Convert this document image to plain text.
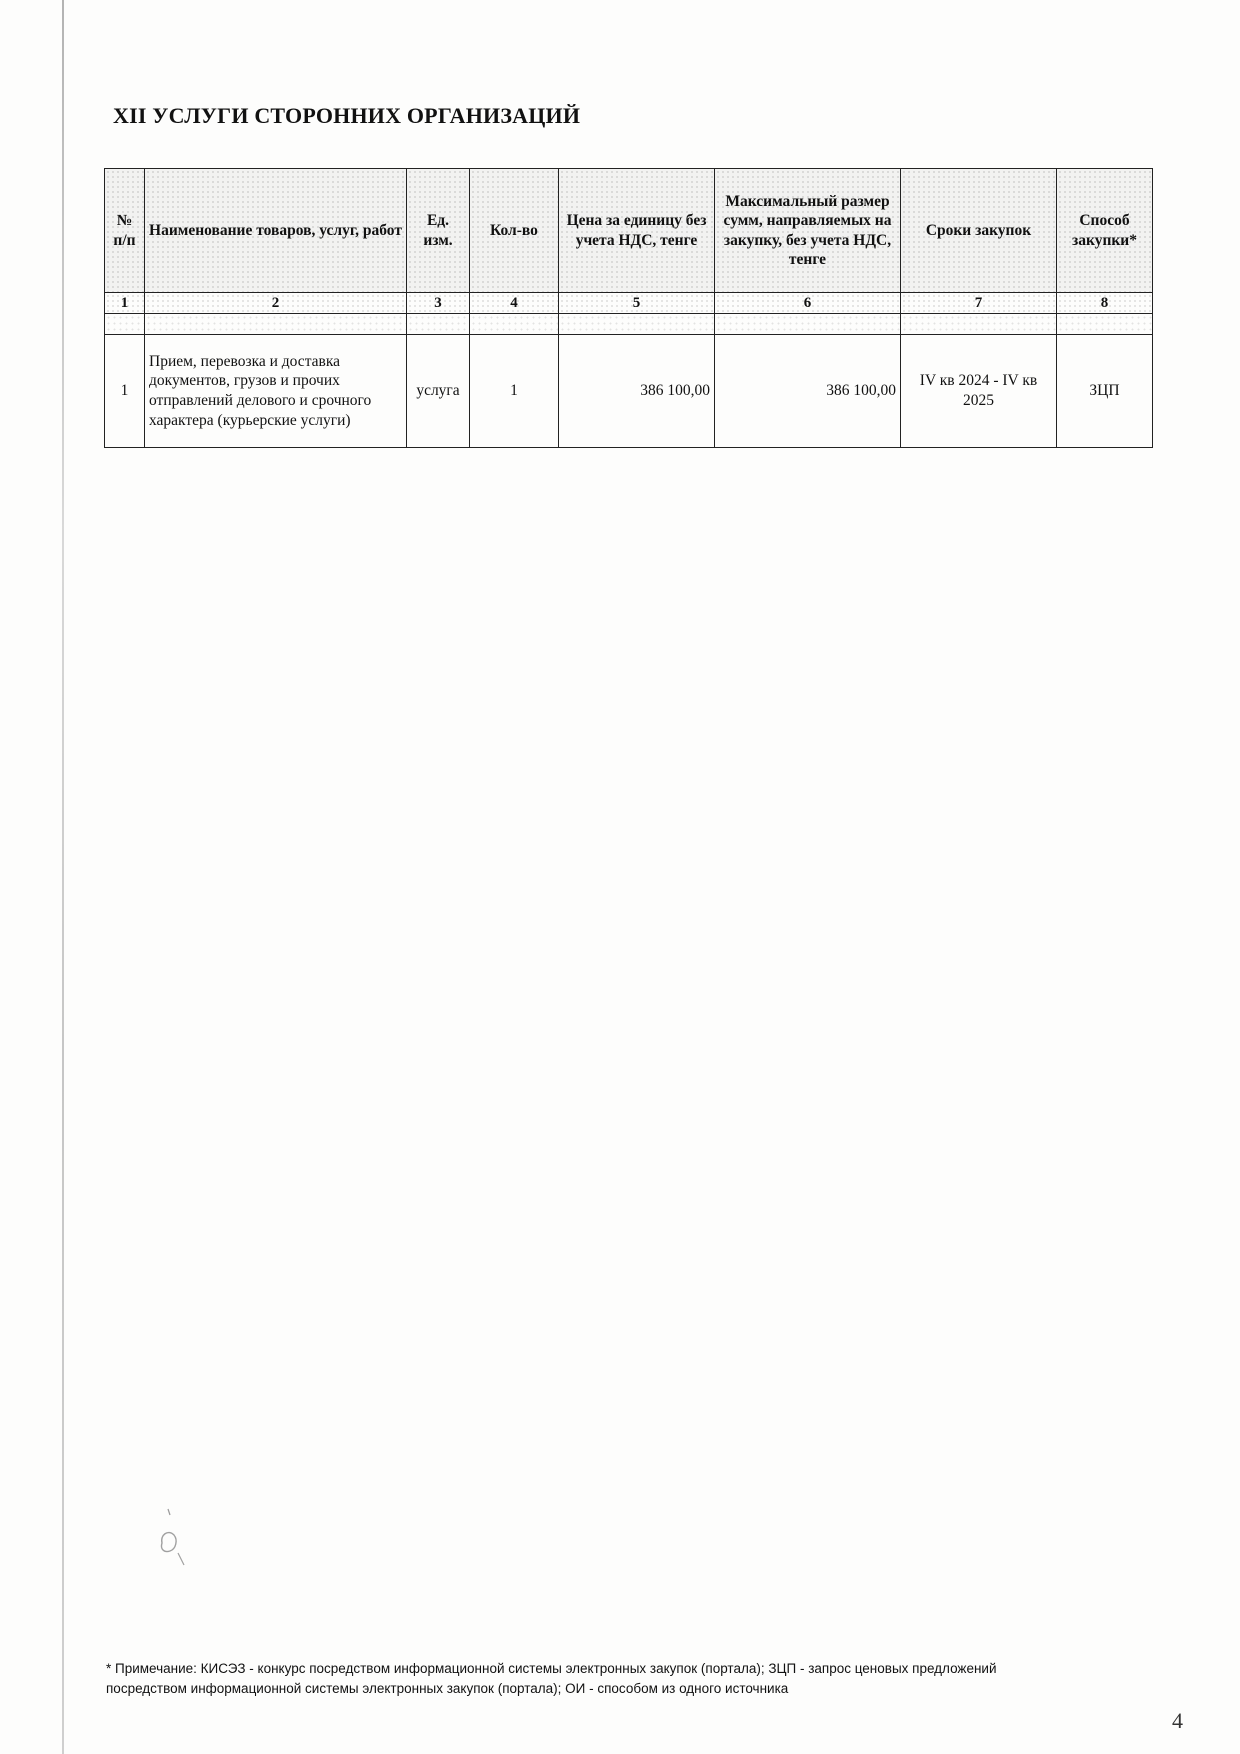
XII УСЛУГИ СТОРОННИХ ОРГАНИЗАЦИЙ
№ п/п	Наименование товаров, услуг, работ	Ед. изм.	Кол-во	Цена за единицу без учета НДС, тенге	Максимальный размер сумм, направляемых на закупку, без учета НДС, тенге	Сроки закупок	Способ закупки*
1	2	3	4	5	6	7	8

1	Прием, перевозка и доставка документов, грузов и прочих отправлений делового и срочного характера (курьерские услуги)	услуга	1	386 100,00	386 100,00	IV кв 2024 - IV кв 2025	ЗЦП
* Примечание: КИСЭЗ - конкурс посредством информационной системы электронных закупок (портала); ЗЦП - запрос ценовых предложений посредством информационной системы электронных закупок (портала); ОИ - способом из одного источника
4
